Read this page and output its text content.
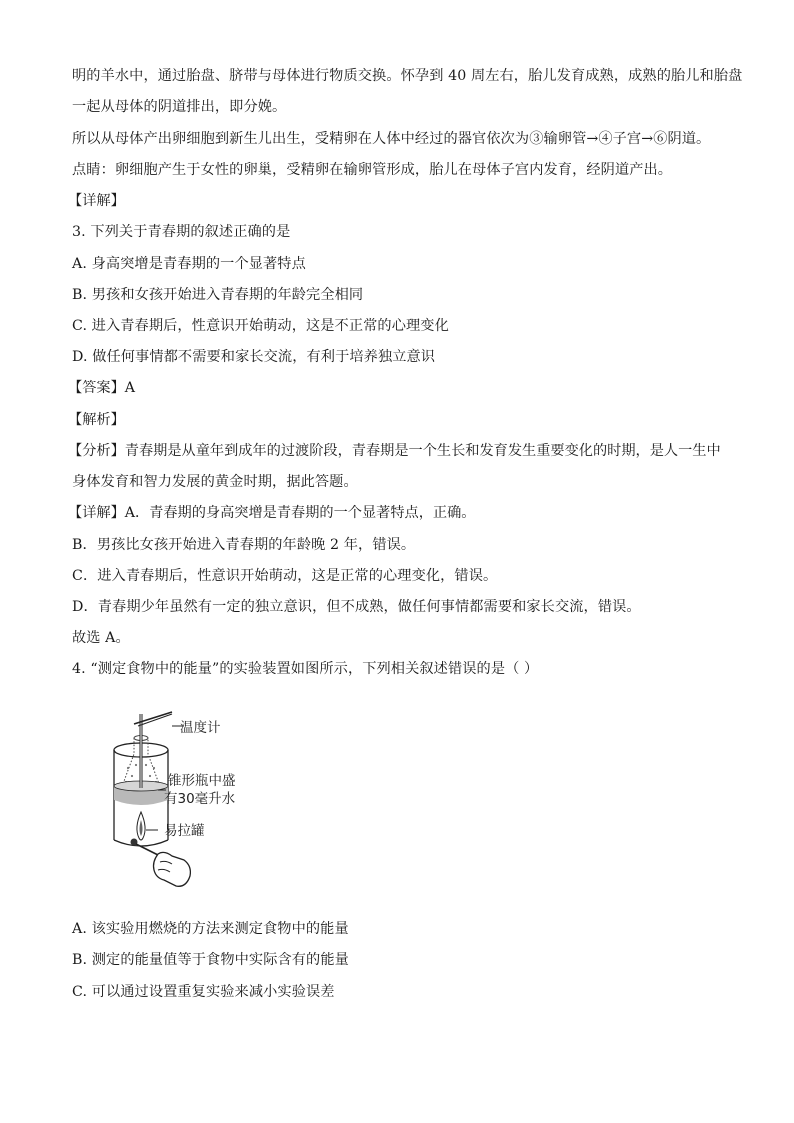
明的羊水中，通过胎盘、脐带与母体进行物质交换。怀孕到 40 周左右，胎儿发育成熟，成熟的胎儿和胎盘
一起从母体的阴道排出，即分娩。
所以从母体产出卵细胞到新生儿出生，受精卵在人体中经过的器官依次为③输卵管→④子宫→⑥阴道。
点睛：卵细胞产生于女性的卵巢，受精卵在输卵管形成，胎儿在母体子宫内发育，经阴道产出。
【详解】
3. 下列关于青春期的叙述正确的是
A. 身高突增是青春期的一个显著特点
B. 男孩和女孩开始进入青春期的年龄完全相同
C. 进入青春期后，性意识开始萌动，这是不正常的心理变化
D. 做任何事情都不需要和家长交流，有利于培养独立意识
【答案】A
【解析】
【分析】青春期是从童年到成年的过渡阶段，青春期是一个生长和发育发生重要变化的时期，是人一生中
身体发育和智力发展的黄金时期，据此答题。
【详解】A．青春期的身高突增是青春期的一个显著特点，正确。
B．男孩比女孩开始进入青春期的年龄晚 2 年，错误。
C．进入青春期后，性意识开始萌动，这是正常的心理变化，错误。
D．青春期少年虽然有一定的独立意识，但不成熟，做任何事情都需要和家长交流，错误。
故选 A。
4. “测定食物中的能量”的实验装置如图所示，下列相关叙述错误的是（ ）
温度计
锥形瓶中盛
有30毫升水
易拉罐
A. 该实验用燃烧的方法来测定食物中的能量
B. 测定的能量值等于食物中实际含有的能量
C. 可以通过设置重复实验来减小实验误差
